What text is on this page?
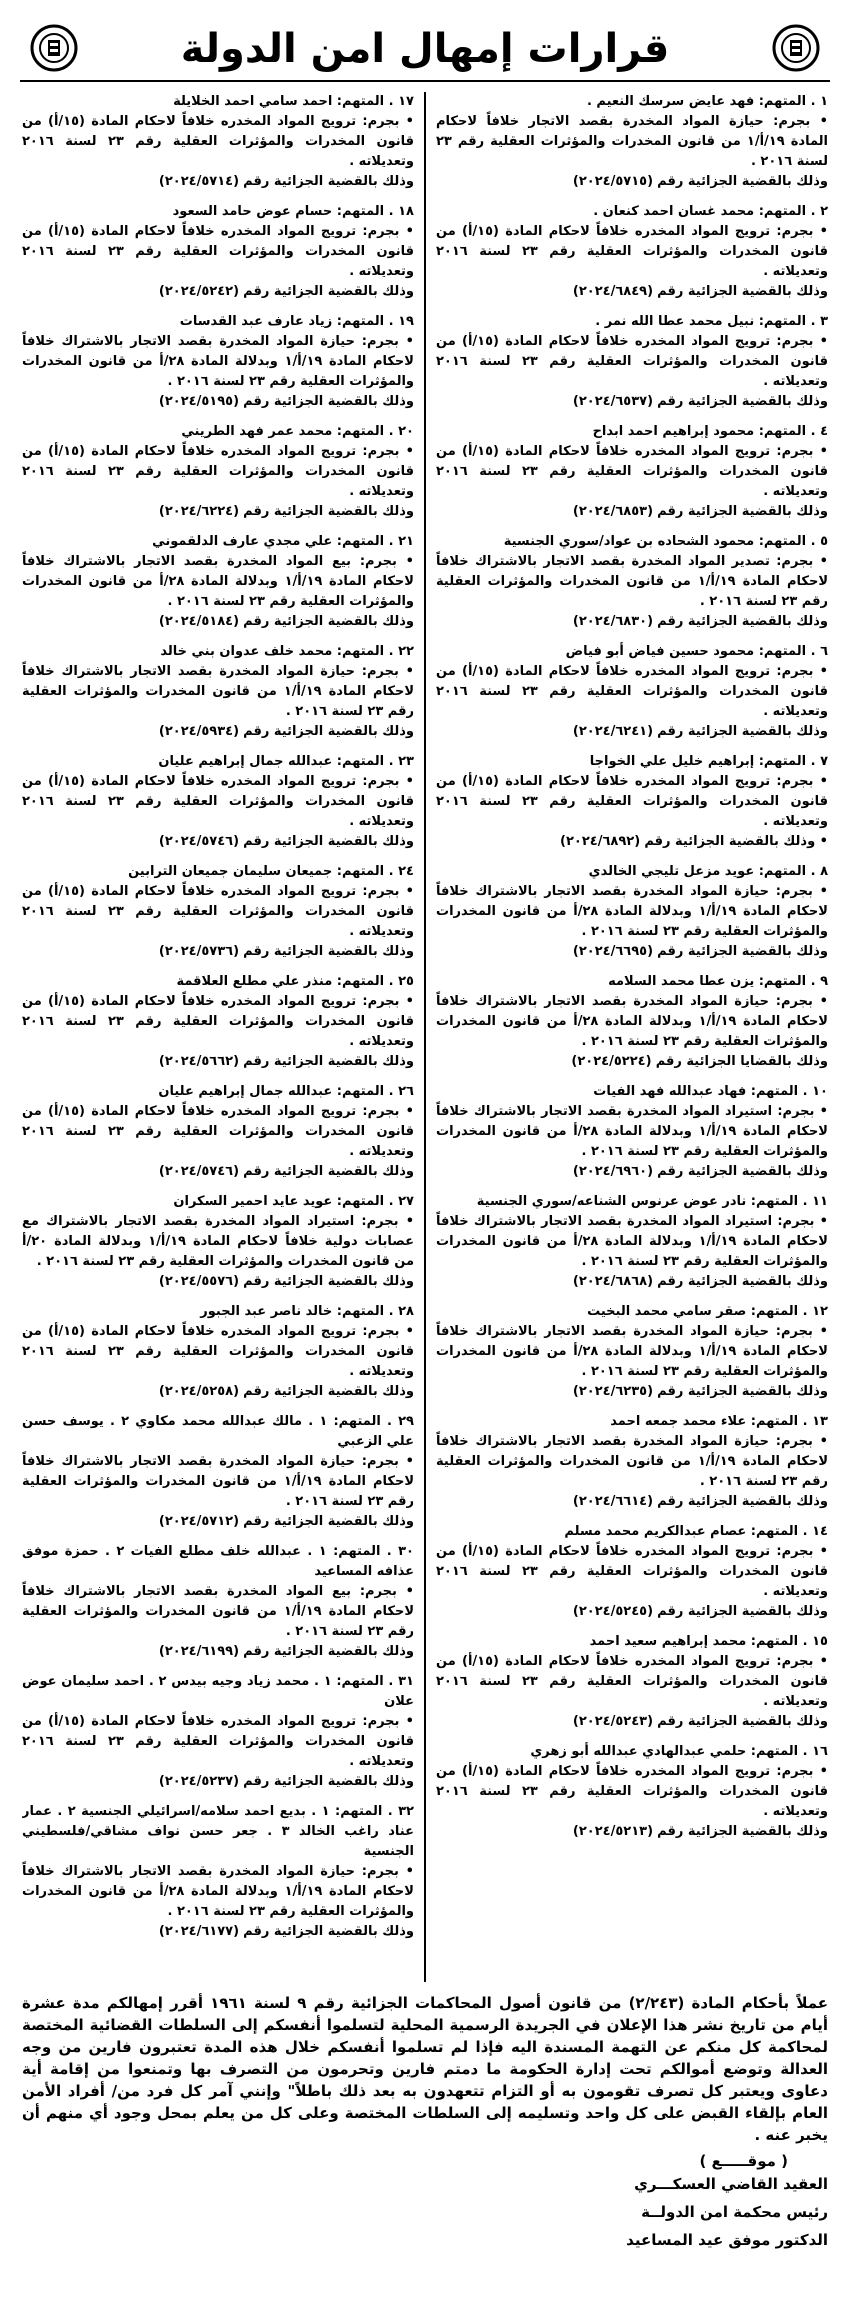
قرارات إمهال امن الدولة
١ . المتهم: فهد عايض سرسك النعيم .
• بجرم: حيازة المواد المخدرة بقصد الاتجار خلافاً لاحكام المادة ١٩/أ/١ من قانون المخدرات والمؤثرات العقلية رقم ٢٣ لسنة ٢٠١٦ .
وذلك بالقضية الجزائية رقم (٢٠٢٤/٥٧١٥)
٢ . المتهم: محمد غسان احمد كنعان .
• بجرم: ترويج المواد المخدره خلافاً لاحكام المادة (١٥/أ) من قانون المخدرات والمؤثرات العقلية رقم ٢٣ لسنة ٢٠١٦ وتعديلاته .
وذلك بالقضية الجزائية رقم (٢٠٢٤/٦٨٤٩)
٣ . المتهم: نبيل محمد عطا الله نمر .
• بجرم: ترويج المواد المخدره خلافاً لاحكام المادة (١٥/أ) من قانون المخدرات والمؤثرات العقلية رقم ٢٣ لسنة ٢٠١٦ وتعديلاته .
وذلك بالقضية الجزائية رقم (٢٠٢٤/٦٥٣٧)
٤ . المتهم: محمود إبراهيم احمد ابداح
• بجرم: ترويج المواد المخدره خلافاً لاحكام المادة (١٥/أ) من قانون المخدرات والمؤثرات العقلية رقم ٢٣ لسنة ٢٠١٦ وتعديلاته .
وذلك بالقضية الجزائية رقم (٢٠٢٤/٦٨٥٣)
٥ . المتهم: محمود الشحاده بن عواد/سوري الجنسية
• بجرم: تصدير المواد المخدرة بقصد الاتجار بالاشتراك خلافاً لاحكام المادة ١٩/أ/١ من قانون المخدرات والمؤثرات العقلية رقم ٢٣ لسنة ٢٠١٦ .
وذلك بالقضية الجزائية رقم (٢٠٢٤/٦٨٣٠)
٦ . المتهم: محمود حسين فياض أبو فياض
• بجرم: ترويج المواد المخدره خلافاً لاحكام المادة (١٥/أ) من قانون المخدرات والمؤثرات العقلية رقم ٢٣ لسنة ٢٠١٦ وتعديلاته .
وذلك بالقضية الجزائية رقم (٢٠٢٤/٦٢٤١)
٧ . المتهم: إبراهيم خليل علي الخواجا
• بجرم: ترويج المواد المخدره خلافاً لاحكام المادة (١٥/أ) من قانون المخدرات والمؤثرات العقلية رقم ٢٣ لسنة ٢٠١٦ وتعديلاته .
• وذلك بالقضية الجزائية رقم (٢٠٢٤/٦٨٩٢)
٨ . المتهم: عويد مزعل تليجي الخالدي
• بجرم: حيازة المواد المخدرة بقصد الاتجار بالاشتراك خلافاً لاحكام المادة ١٩/أ/١ وبدلالة المادة ٢٨/أ من قانون المخدرات والمؤثرات العقلية رقم ٢٣ لسنة ٢٠١٦ .
وذلك بالقضية الجزائية رقم (٢٠٢٤/٦٦٩٥)
٩ . المتهم: يزن عطا محمد السلامه
• بجرم: حيازة المواد المخدرة بقصد الاتجار بالاشتراك خلافاً لاحكام المادة ١٩/أ/١ وبدلالة المادة ٢٨/أ من قانون المخدرات والمؤثرات العقلية رقم ٢٣ لسنة ٢٠١٦ .
وذلك بالقضايا الجزائية رقم (٢٠٢٤/٥٢٢٤)
١٠ . المتهم: فهاد عبدالله فهد الفيات
• بجرم: استيراد المواد المخدرة بقصد الاتجار بالاشتراك خلافاً لاحكام المادة ١٩/أ/١ وبدلالة المادة ٢٨/أ من قانون المخدرات والمؤثرات العقلية رقم ٢٣ لسنة ٢٠١٦ .
وذلك بالقضية الجزائية رقم (٢٠٢٤/٦٩٦٠)
١١ . المتهم: نادر عوض عرنوس الشناعه/سوري الجنسية
• بجرم: استيراد المواد المخدرة بقصد الاتجار بالاشتراك خلافاً لاحكام المادة ١٩/أ/١ وبدلالة المادة ٢٨/أ من قانون المخدرات والمؤثرات العقلية رقم ٢٣ لسنة ٢٠١٦ .
وذلك بالقضية الجزائية رقم (٢٠٢٤/٦٨٦٨)
١٢ . المتهم: صقر سامي محمد البخيت
• بجرم: حيازة المواد المخدرة بقصد الاتجار بالاشتراك خلافاً لاحكام المادة ١٩/أ/١ وبدلالة المادة ٢٨/أ من قانون المخدرات والمؤثرات العقلية رقم ٢٣ لسنة ٢٠١٦ .
وذلك بالقضية الجزائية رقم (٢٠٢٤/٦٢٣٥)
١٣ . المتهم: علاء محمد جمعه احمد
• بجرم: حيازة المواد المخدرة بقصد الاتجار بالاشتراك خلافاً لاحكام المادة ١٩/أ/١ من قانون المخدرات والمؤثرات العقلية رقم ٢٣ لسنة ٢٠١٦ .
وذلك بالقضية الجزائية رقم (٢٠٢٤/٦٦١٤)
١٤ . المتهم: عصام عبدالكريم محمد مسلم
• بجرم: ترويج المواد المخدره خلافاً لاحكام المادة (١٥/أ) من قانون المخدرات والمؤثرات العقلية رقم ٢٣ لسنة ٢٠١٦ وتعديلاته .
وذلك بالقضية الجزائية رقم (٢٠٢٤/٥٢٤٥)
١٥ . المتهم: محمد إبراهيم سعيد احمد
• بجرم: ترويج المواد المخدره خلافاً لاحكام المادة (١٥/أ) من قانون المخدرات والمؤثرات العقلية رقم ٢٣ لسنة ٢٠١٦ وتعديلاته .
وذلك بالقضية الجزائية رقم (٢٠٢٤/٥٢٤٣)
١٦ . المتهم: حلمي عبدالهادي عبدالله أبو زهري
• بجرم: ترويج المواد المخدره خلافاً لاحكام المادة (١٥/أ) من قانون المخدرات والمؤثرات العقلية رقم ٢٣ لسنة ٢٠١٦ وتعديلاته .
وذلك بالقضية الجزائية رقم (٢٠٢٤/٥٢١٣)
١٧ . المتهم: احمد سامي احمد الخلايلة
• بجرم: ترويج المواد المخدره خلافاً لاحكام المادة (١٥/أ) من قانون المخدرات والمؤثرات العقلية رقم ٢٣ لسنة ٢٠١٦ وتعديلاته .
وذلك بالقضية الجزائية رقم (٢٠٢٤/٥٧١٤)
١٨ . المتهم: حسام عوض حامد السعود
• بجرم: ترويج المواد المخدره خلافاً لاحكام المادة (١٥/أ) من قانون المخدرات والمؤثرات العقلية رقم ٢٣ لسنة ٢٠١٦ وتعديلاته .
وذلك بالقضية الجزائية رقم (٢٠٢٤/٥٢٤٢)
١٩ . المتهم: زياد عارف عبد القدسات
• بجرم: حيازة المواد المخدرة بقصد الاتجار بالاشتراك خلافاً لاحكام المادة ١٩/أ/١ وبدلالة المادة ٢٨/أ من قانون المخدرات والمؤثرات العقلية رقم ٢٣ لسنة ٢٠١٦ .
وذلك بالقضية الجزائية رقم (٢٠٢٤/٥١٩٥)
٢٠ . المتهم: محمد عمر فهد الطريني
• بجرم: ترويج المواد المخدره خلافاً لاحكام المادة (١٥/أ) من قانون المخدرات والمؤثرات العقلية رقم ٢٣ لسنة ٢٠١٦ وتعديلاته .
وذلك بالقضية الجزائية رقم (٢٠٢٤/٦٢٢٤)
٢١ . المتهم: علي مجدي عارف الدلقموني
• بجرم: بيع المواد المخدرة بقصد الاتجار بالاشتراك خلافاً لاحكام المادة ١٩/أ/١ وبدلالة المادة ٢٨/أ من قانون المخدرات والمؤثرات العقلية رقم ٢٣ لسنة ٢٠١٦ .
وذلك بالقضية الجزائية رقم (٢٠٢٤/٥١٨٤)
٢٢ . المتهم: محمد خلف عدوان بني خالد
• بجرم: حيازة المواد المخدرة بقصد الاتجار بالاشتراك خلافاً لاحكام المادة ١٩/أ/١ من قانون المخدرات والمؤثرات العقلية رقم ٢٣ لسنة ٢٠١٦ .
وذلك بالقضية الجزائية رقم (٢٠٢٤/٥٩٣٤)
٢٣ . المتهم: عبدالله جمال إبراهيم عليان
• بجرم: ترويج المواد المخدره خلافاً لاحكام المادة (١٥/أ) من قانون المخدرات والمؤثرات العقلية رقم ٢٣ لسنة ٢٠١٦ وتعديلاته .
وذلك بالقضية الجزائية رقم (٢٠٢٤/٥٧٤٦)
٢٤ . المتهم: جميعان سليمان جميعان الترابين
• بجرم: ترويج المواد المخدره خلافاً لاحكام المادة (١٥/أ) من قانون المخدرات والمؤثرات العقلية رقم ٢٣ لسنة ٢٠١٦ وتعديلاته .
وذلك بالقضية الجزائية رقم (٢٠٢٤/٥٧٣٦)
٢٥ . المتهم: منذر علي مطلع العلاقمة
• بجرم: ترويج المواد المخدره خلافاً لاحكام المادة (١٥/أ) من قانون المخدرات والمؤثرات العقلية رقم ٢٣ لسنة ٢٠١٦ وتعديلاته .
وذلك بالقضية الجزائية رقم (٢٠٢٤/٥٦٦٢)
٢٦ . المتهم: عبدالله جمال إبراهيم عليان
• بجرم: ترويج المواد المخدره خلافاً لاحكام المادة (١٥/أ) من قانون المخدرات والمؤثرات العقلية رقم ٢٣ لسنة ٢٠١٦ وتعديلاته .
وذلك بالقضية الجزائية رقم (٢٠٢٤/٥٧٤٦)
٢٧ . المتهم: عويد عايد احمير السكران
• بجرم: استيراد المواد المخدرة بقصد الاتجار بالاشتراك مع عصابات دولية خلافاً لاحكام المادة ١٩/أ/١ وبدلالة المادة ٢٠/أ من قانون المخدرات والمؤثرات العقلية رقم ٢٣ لسنة ٢٠١٦ .
وذلك بالقضية الجزائية رقم (٢٠٢٤/٥٥٧٦)
٢٨ . المتهم: خالد ناصر عبد الجبور
• بجرم: ترويج المواد المخدره خلافاً لاحكام المادة (١٥/أ) من قانون المخدرات والمؤثرات العقلية رقم ٢٣ لسنة ٢٠١٦ وتعديلاته .
وذلك بالقضية الجزائية رقم (٢٠٢٤/٥٢٥٨)
٢٩ . المتهم: ١ . مالك عبدالله محمد مكاوي ٢ . يوسف حسن علي الزعبي
• بجرم: حيازة المواد المخدرة بقصد الاتجار بالاشتراك خلافاً لاحكام المادة ١٩/أ/١ من قانون المخدرات والمؤثرات العقلية رقم ٢٣ لسنة ٢٠١٦ .
وذلك بالقضية الجزائية رقم (٢٠٢٤/٥٧١٢)
٣٠ . المتهم: ١ . عبدالله خلف مطلع الفيات ٢ . حمزة موفق عذافه المساعيد
• بجرم: بيع المواد المخدرة بقصد الاتجار بالاشتراك خلافاً لاحكام المادة ١٩/أ/١ من قانون المخدرات والمؤثرات العقلية رقم ٢٣ لسنة ٢٠١٦ .
وذلك بالقضية الجزائية رقم (٢٠٢٤/٦١٩٩)
٣١ . المتهم: ١ . محمد زياد وجيه بيدس ٢ . احمد سليمان عوض علان
• بجرم: ترويج المواد المخدره خلافاً لاحكام المادة (١٥/أ) من قانون المخدرات والمؤثرات العقلية رقم ٢٣ لسنة ٢٠١٦ وتعديلاته .
وذلك بالقضية الجزائية رقم (٢٠٢٤/٥٢٣٧)
٣٢ . المتهم: ١ . بديع احمد سلامه/اسرائيلي الجنسية ٢ . عمار عناد راغب الخالد ٣ . جعر حسن نواف مشاقي/فلسطيني الجنسية
• بجرم: حيازة المواد المخدرة بقصد الاتجار بالاشتراك خلافاً لاحكام المادة ١٩/أ/١ وبدلالة المادة ٢٨/أ من قانون المخدرات والمؤثرات العقلية رقم ٢٣ لسنة ٢٠١٦ .
وذلك بالقضية الجزائية رقم (٢٠٢٤/٦١٧٧)

عملاً بأحكام المادة (٢/٢٤٣) من قانون أصول المحاكمات الجزائية رقم ٩ لسنة ١٩٦١ أقرر إمهالكم مدة عشرة أيام من تاريخ نشر هذا الإعلان في الجريدة الرسمية المحلية لتسلموا أنفسكم إلى السلطات القضائية المختصة لمحاكمة كل منكم عن التهمة المسندة اليه فإذا لم تسلموا أنفسكم خلال هذه المدة تعتبرون فارين من وجه العدالة وتوضع أموالكم تحت إدارة الحكومة ما دمتم فارين وتحرمون من التصرف بها وتمنعوا من إقامة أية دعاوى ويعتبر كل تصرف تقومون به أو التزام تتعهدون به بعد ذلك باطلاً" وإنني آمر كل فرد من/ أفراد الأمن العام بإلقاء القبض على كل واحد وتسليمه إلى السلطات المختصة وعلى كل من يعلم بمحل وجود أي منهم أن يخبر عنه .

( موقـــــع )
العقيد القاضي العسكـــري
رئيس محكمة امن الدولــة
الدكتور موفق عيد المساعيد
